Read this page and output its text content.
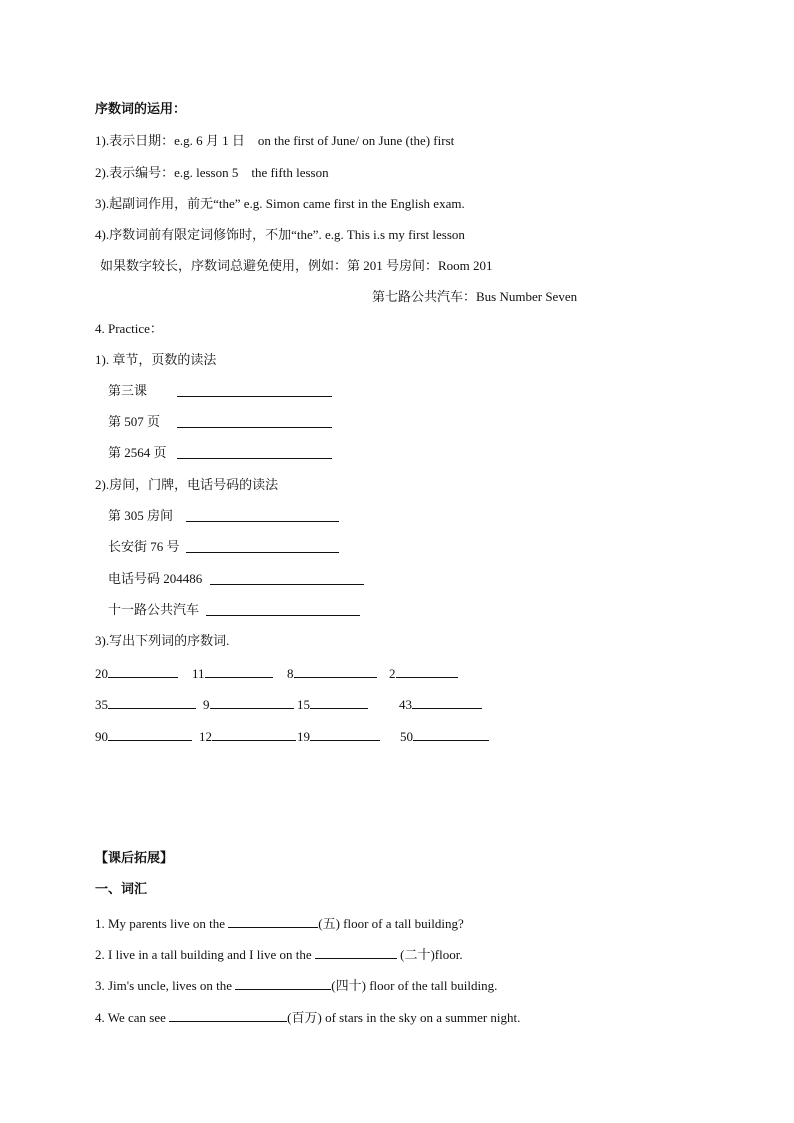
序数词的运用：
1).表示日期：e.g. 6 月 1 日　on the first of June/ on June (the) first
2).表示编号：e.g. lesson 5　the fifth lesson
3).起副词作用，前无“the” e.g. Simon came first in the English exam.
4).序数词前有限定词修饰时，不加“the”. e.g. This i.s my first lesson
如果数字较长，序数词总避免使用，例如：第 201 号房间：Room 201
第七路公共汽车：Bus Number Seven
4. Practice：
1). 章节，页数的读法
第三课
第 507 页
第 2564 页
2).房间，门牌，电话号码的读法
第 305 房间
长安街 76 号
电话号码 204486
十一路公共汽车
3).写出下列词的序数词.
20	11	8	2
35	9	15	43
90	12	19	50
【课后拓展】
一、词汇
1. My parents live on the	(五) floor of a tall building?
2. I live in a tall building and I live on the	(二十)floor.
3. Jim's uncle, lives on the	(四十) floor of the tall building.
4. We can see	(百万) of stars in the sky on a summer night.
